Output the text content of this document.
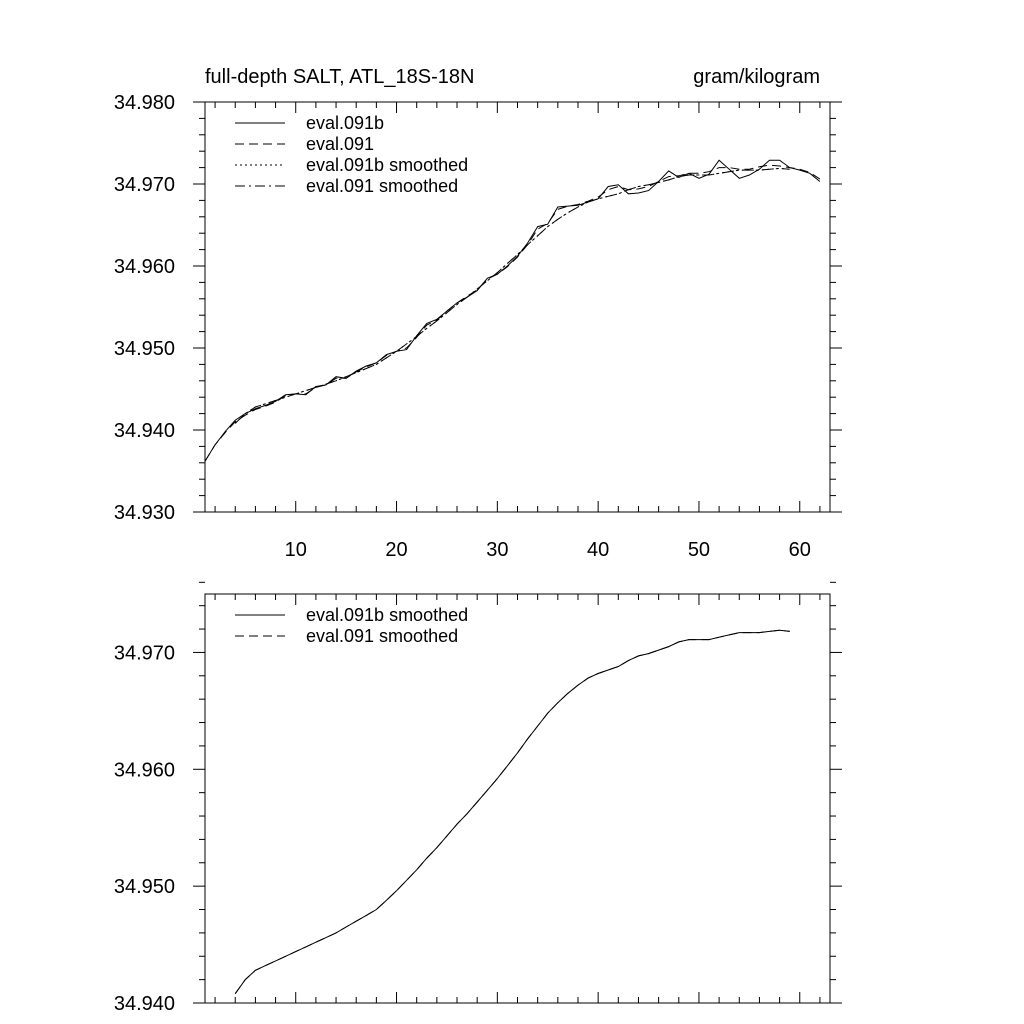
10	20	30	40	50	60
34.930
34.940
34.950
34.960
34.970
34.980
full-depth SALT, ATL_18S-18N	gram/kilogram
eval.091b
eval.091
eval.091b smoothed
eval.091 smoothed
34.940
34.950
34.960
34.970
eval.091b smoothed
eval.091 smoothed
